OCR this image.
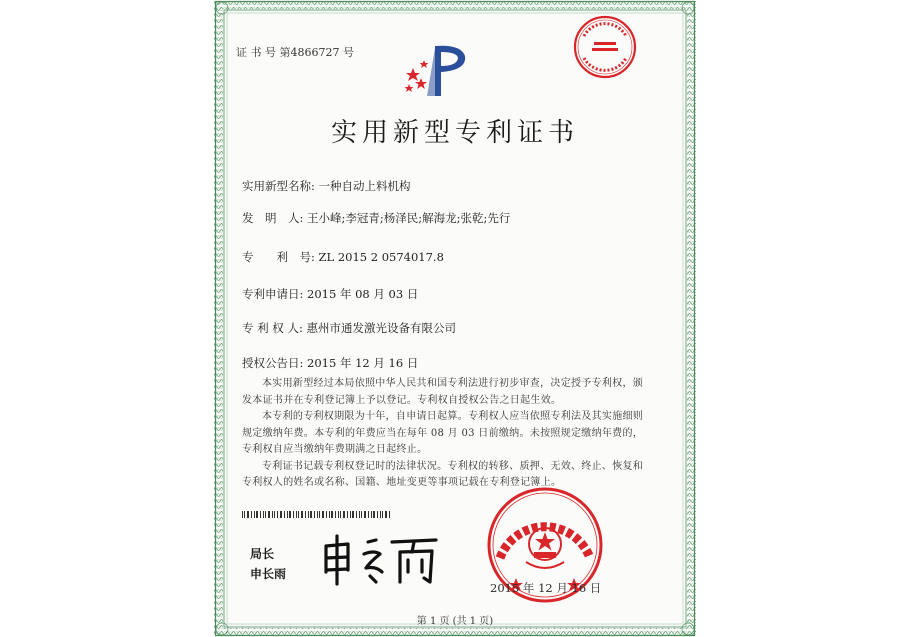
证 书 号 第4866727 号
实用新型专利证书
实用新型名称: 一种自动上料机构
发　明　人: 王小峰;李冠青;杨泽民;解海龙;张乾;先行
专　　利　号: ZL 2015 2 0574017.8
专利申请日: 2015 年 08 月 03 日
专 利 权 人: 惠州市通发激光设备有限公司
授权公告日: 2015 年 12 月 16 日

本实用新型经过本局依照中华人民共和国专利法进行初步审查，决定授予专利权，颁发本证书并在专利登记簿上予以登记。专利权自授权公告之日起生效。

本专利的专利权期限为十年，自申请日起算。专利权人应当依照专利法及其实施细则规定缴纳年费。本专利的年费应当在每年 08 月 03 日前缴纳。未按照规定缴纳年费的，专利权自应当缴纳年费期满之日起终止。

专利证书记载专利权登记时的法律状况。专利权的转移、质押、无效、终止、恢复和专利权人的姓名或名称、国籍、地址变更等事项记载在专利登记簿上。

局长
申长雨
2015 年 12 月 16 日
第 1 页 (共 1 页)
